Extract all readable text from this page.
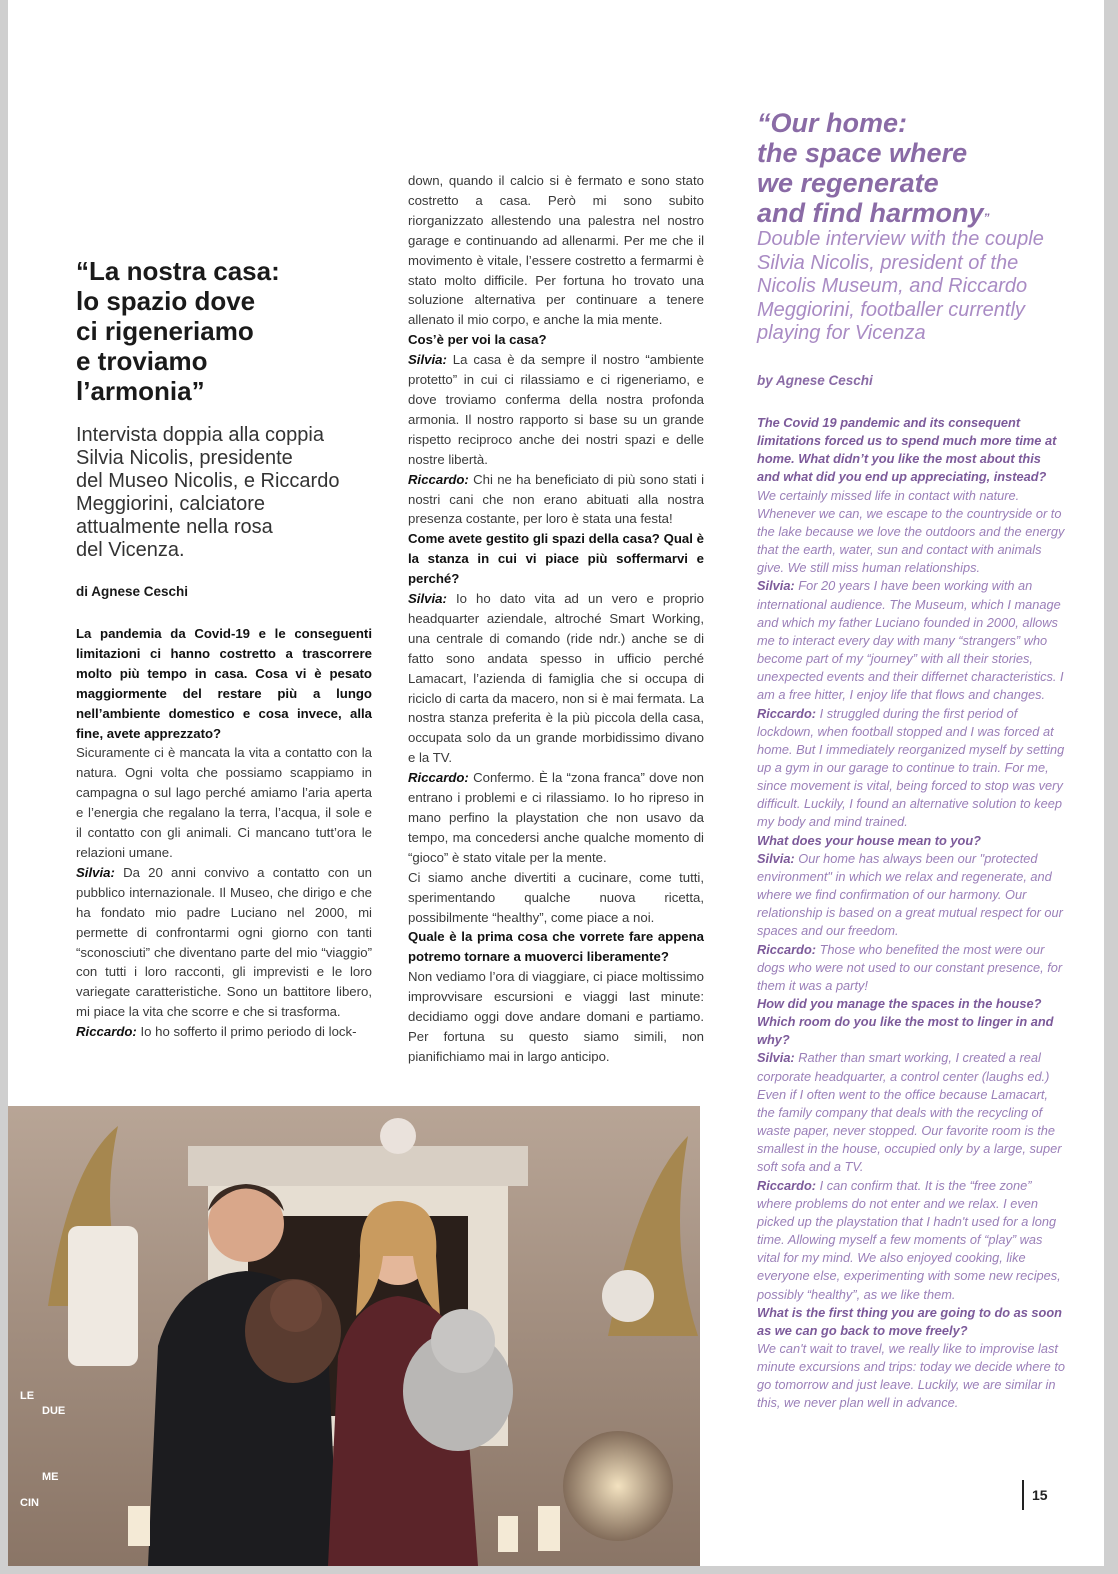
“La nostra casa:
lo spazio dove
ci rigeneriamo
e troviamo
l’armonia”
Intervista doppia alla coppia
Silvia Nicolis, presidente
del Museo Nicolis, e Riccardo
Meggiorini, calciatore
attualmente nella rosa
del Vicenza.
di Agnese Ceschi

La pandemia da Covid-19 e le conseguenti limitazioni ci hanno costretto a trascorrere molto più tempo in casa. Cosa vi è pesato maggiormente del restare più a lungo nell’ambiente domestico e cosa invece, alla fine, avete apprezzato?

Sicuramente ci è mancata la vita a contatto con la natura. Ogni volta che possiamo scappiamo in campagna o sul lago perché amiamo l’aria aperta e l’energia che regalano la terra, l’acqua, il sole e il contatto con gli animali. Ci mancano tutt’ora le relazioni umane.

Silvia: Da 20 anni convivo a contatto con un pubblico internazionale. Il Museo, che dirigo e che ha fondato mio padre Luciano nel 2000, mi permette di confrontarmi ogni giorno con tanti “sconosciuti” che diventano parte del mio “viaggio” con tutti i loro racconti, gli imprevisti e le loro variegate caratteristiche. Sono un battitore libero, mi piace la vita che scorre e che si trasforma.

Riccardo: Io ho sofferto il primo periodo di lock-

down, quando il calcio si è fermato e sono stato costretto a casa. Però mi sono subito riorganizzato allestendo una palestra nel nostro garage e continuando ad allenarmi. Per me che il movimento è vitale, l’essere costretto a fermarmi è stato molto difficile. Per fortuna ho trovato una soluzione alternativa per continuare a tenere allenato il mio corpo, e anche la mia mente.

Cos’è per voi la casa?

Silvia: La casa è da sempre il nostro “ambiente protetto” in cui ci rilassiamo e ci rigeneriamo, e dove troviamo conferma della nostra profonda armonia. Il nostro rapporto si base su un grande rispetto reciproco anche dei nostri spazi e delle nostre libertà.

Riccardo: Chi ne ha beneficiato di più sono stati i nostri cani che non erano abituati alla nostra presenza costante, per loro è stata una festa!

Come avete gestito gli spazi della casa? Qual è la stanza in cui vi piace più soffermarvi e perché?

Silvia: Io ho dato vita ad un vero e proprio headquarter aziendale, altroché Smart Working, una centrale di comando (ride ndr.) anche se di fatto sono andata spesso in ufficio perché Lamacart, l’azienda di famiglia che si occupa di riciclo di carta da macero, non si è mai fermata. La nostra stanza preferita è la più piccola della casa, occupata solo da un grande morbidissimo divano e la TV.

Riccardo: Confermo. È la “zona franca” dove non entrano i problemi e ci rilassiamo. Io ho ripreso in mano perfino la playstation che non usavo da tempo, ma concedersi anche qualche momento di “gioco” è stato vitale per la mente.

Ci siamo anche divertiti a cucinare, come tutti, sperimentando qualche nuova ricetta, possibilmente “healthy”, come piace a noi.

Quale è la prima cosa che vorrete fare appena potremo tornare a muoverci liberamente?

Non vediamo l’ora di viaggiare, ci piace moltissimo improvvisare escursioni e viaggi last minute: decidiamo oggi dove andare domani e partiamo. Per fortuna su questo siamo simili, non pianifichiamo mai in largo anticipo.

“Our home:
the space where
we regenerate
and find harmony”
Double interview with the couple
Silvia Nicolis, president of the
Nicolis Museum, and Riccardo
Meggiorini, footballer currently
playing for Vicenza
by Agnese Ceschi

The Covid 19 pandemic and its consequent limitations forced us to spend much more time at home. What didn’t you like the most about this and what did you end up appreciating, instead?

We certainly missed life in contact with nature. Whenever we can, we escape to the countryside or to the lake because we love the outdoors and the energy that the earth, water, sun and contact with animals give. We still miss human relationships.

Silvia: For 20 years I have been working with an international audience. The Museum, which I manage and which my father Luciano founded in 2000, allows me to interact every day with many “strangers” who become part of my “journey” with all their stories, unexpected events and their differnet characteristics. I am a free hitter, I enjoy life that flows and changes.

Riccardo: I struggled during the first period of lockdown, when football stopped and I was forced at home. But I immediately reorganized myself by setting up a gym in our garage to continue to train. For me, since movement is vital, being forced to stop was very difficult. Luckily, I found an alternative solution to keep my body and mind trained.

What does your house mean to you?

Silvia: Our home has always been our "protected environment" in which we relax and regenerate, and where we find confirmation of our harmony. Our relationship is based on a great mutual respect for our spaces and our freedom.

Riccardo: Those who benefited the most were our dogs who were not used to our constant presence, for them it was a party!

How did you manage the spaces in the house? Which room do you like the most to linger in and why?

Silvia: Rather than smart working, I created a real corporate headquarter, a control center (laughs ed.) Even if I often went to the office because Lamacart, the family company that deals with the recycling of waste paper, never stopped. Our favorite room is the smallest in the house, occupied only by a large, super soft sofa and a TV.

Riccardo: I can confirm that. It is the “free zone” where problems do not enter and we relax. I even picked up the playstation that I hadn't used for a long time. Allowing myself a few moments of “play” was vital for my mind. We also enjoyed cooking, like everyone else, experimenting with some new recipes, possibly “healthy”, as we like them.

What is the first thing you are going to do as soon as we can go back to move freely?

We can't wait to travel, we really like to improvise last minute excursions and trips: today we decide where to go tomorrow and just leave. Luckily, we are similar in this, we never plan well in advance.

LE
DUE
ME
CIN	15
